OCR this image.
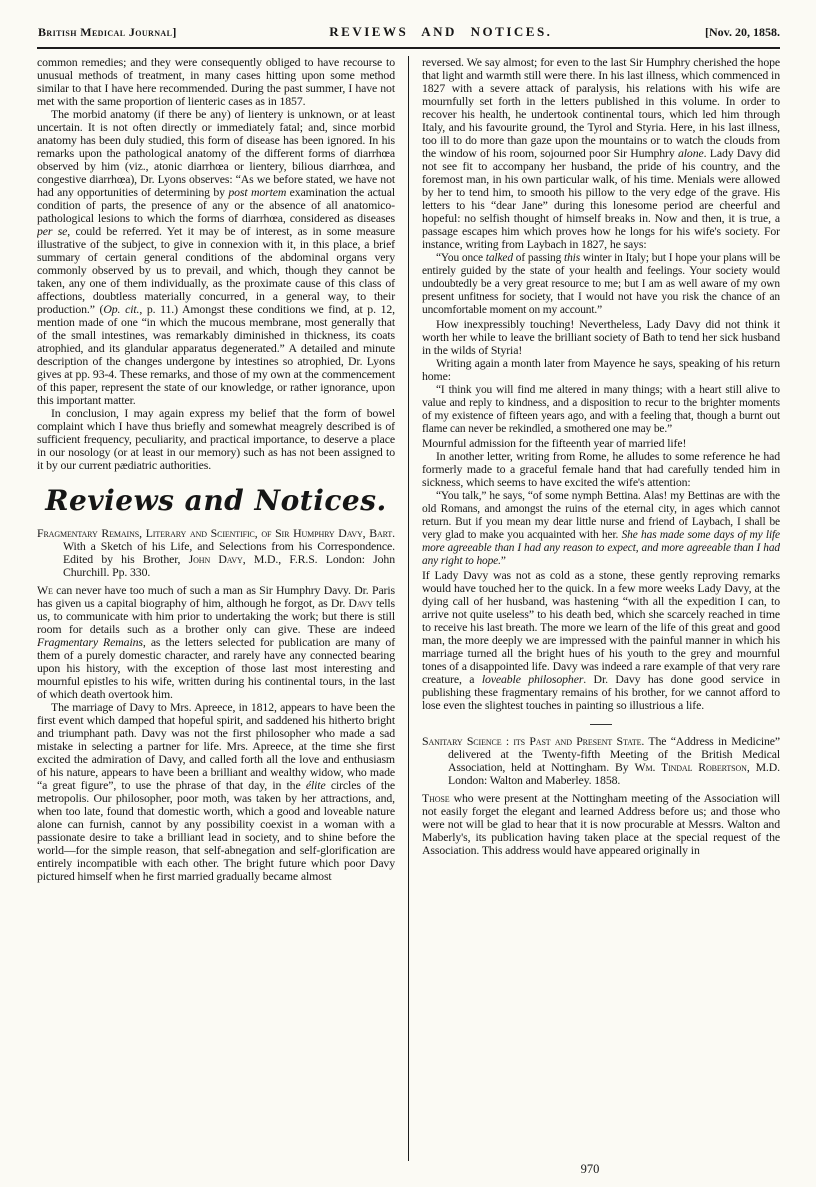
British Medical Journal]	REVIEWS AND NOTICES.	[Nov. 20, 1858.

common remedies; and they were consequently obliged to have recourse to unusual methods of treatment, in many cases hitting upon some method similar to that I have here recommended. During the past summer, I have not met with the same proportion of lienteric cases as in 1857.

The morbid anatomy (if there be any) of lientery is unknown, or at least uncertain. It is not often directly or immediately fatal; and, since morbid anatomy has been duly studied, this form of disease has been ignored. In his remarks upon the pathological anatomy of the different forms of diarrhœa observed by him (viz., atonic diarrhœa or lientery, bilious diarrhœa, and congestive diarrhœa), Dr. Lyons observes: “As we before stated, we have not had any opportunities of determining by post mortem examination the actual condition of parts, the presence of any or the absence of all anatomico-pathological lesions to which the forms of diarrhœa, considered as diseases per se, could be referred. Yet it may be of interest, as in some measure illustrative of the subject, to give in connexion with it, in this place, a brief summary of certain general conditions of the abdominal organs very commonly observed by us to prevail, and which, though they cannot be taken, any one of them individually, as the proximate cause of this class of affections, doubtless materially concurred, in a general way, to their production.” (Op. cit., p. 11.) Amongst these conditions we find, at p. 12, mention made of one “in which the mucous membrane, most generally that of the small intestines, was remarkably diminished in thickness, its coats atrophied, and its glandular apparatus degenerated.” A detailed and minute description of the changes undergone by intestines so atrophied, Dr. Lyons gives at pp. 93-4. These remarks, and those of my own at the commencement of this paper, represent the state of our knowledge, or rather ignorance, upon this important matter.

In conclusion, I may again express my belief that the form of bowel complaint which I have thus briefly and somewhat meagrely described is of sufficient frequency, peculiarity, and practical importance, to deserve a place in our nosology (or at least in our memory) such as has not been assigned to it by our current pædiatric authorities.

Reviews and Notices.

Fragmentary Remains, Literary and Scientific, of Sir Humphry Davy, Bart. With a Sketch of his Life, and Selections from his Correspondence. Edited by his Brother, John Davy, M.D., F.R.S. London: John Churchill. Pp. 330.

We can never have too much of such a man as Sir Humphry Davy. Dr. Paris has given us a capital biography of him, although he forgot, as Dr. Davy tells us, to communicate with him prior to undertaking the work; but there is still room for details such as a brother only can give. These are indeed Fragmentary Remains, as the letters selected for publication are many of them of a purely domestic character, and rarely have any connected bearing upon his history, with the exception of those last most interesting and mournful epistles to his wife, written during his continental tours, in the last of which death overtook him.

The marriage of Davy to Mrs. Apreece, in 1812, appears to have been the first event which damped that hopeful spirit, and saddened his hitherto bright and triumphant path. Davy was not the first philosopher who made a sad mistake in selecting a partner for life. Mrs. Apreece, at the time she first excited the admiration of Davy, and called forth all the love and enthusiasm of his nature, appears to have been a brilliant and wealthy widow, who made “a great figure”, to use the phrase of that day, in the élite circles of the metropolis. Our philosopher, poor moth, was taken by her attractions, and, when too late, found that domestic worth, which a good and loveable nature alone can furnish, cannot by any possibility coexist in a woman with a passionate desire to take a brilliant lead in society, and to shine before the world—for the simple reason, that self-abnegation and self-glorification are entirely incompatible with each other. The bright future which poor Davy pictured himself when he first married gradually became almost

reversed. We say almost; for even to the last Sir Humphry cherished the hope that light and warmth still were there. In his last illness, which commenced in 1827 with a severe attack of paralysis, his relations with his wife are mournfully set forth in the letters published in this volume. In order to recover his health, he undertook continental tours, which led him through Italy, and his favourite ground, the Tyrol and Styria. Here, in his last illness, too ill to do more than gaze upon the mountains or to watch the clouds from the window of his room, sojourned poor Sir Humphry alone. Lady Davy did not see fit to accompany her husband, the pride of his country, and the foremost man, in his own particular walk, of his time. Menials were allowed by her to tend him, to smooth his pillow to the very edge of the grave. His letters to his “dear Jane” during this lonesome period are cheerful and hopeful: no selfish thought of himself breaks in. Now and then, it is true, a passage escapes him which proves how he longs for his wife's society. For instance, writing from Laybach in 1827, he says:

“You once talked of passing this winter in Italy; but I hope your plans will be entirely guided by the state of your health and feelings. Your society would undoubtedly be a very great resource to me; but I am as well aware of my own present unfitness for society, that I would not have you risk the chance of an uncomfortable moment on my account.”

How inexpressibly touching! Nevertheless, Lady Davy did not think it worth her while to leave the brilliant society of Bath to tend her sick husband in the wilds of Styria!

Writing again a month later from Mayence he says, speaking of his return home:

“I think you will find me altered in many things; with a heart still alive to value and reply to kindness, and a disposition to recur to the brighter moments of my existence of fifteen years ago, and with a feeling that, though a burnt out flame can never be rekindled, a smothered one may be.”

Mournful admission for the fifteenth year of married life!

In another letter, writing from Rome, he alludes to some reference he had formerly made to a graceful female hand that had carefully tended him in sickness, which seems to have excited the wife's attention:

“You talk,” he says, “of some nymph Bettina. Alas! my Bettinas are with the old Romans, and amongst the ruins of the eternal city, in ages which cannot return. But if you mean my dear little nurse and friend of Laybach, I shall be very glad to make you acquainted with her. She has made some days of my life more agreeable than I had any reason to expect, and more agreeable than I had any right to hope.”

If Lady Davy was not as cold as a stone, these gently reproving remarks would have touched her to the quick. In a few more weeks Lady Davy, at the dying call of her husband, was hastening “with all the expedition I can, to arrive not quite useless” to his death bed, which she scarcely reached in time to receive his last breath. The more we learn of the life of this great and good man, the more deeply we are impressed with the painful manner in which his marriage turned all the bright hues of his youth to the grey and mournful tones of a disappointed life. Davy was indeed a rare example of that very rare creature, a loveable philosopher. Dr. Davy has done good service in publishing these fragmentary remains of his brother, for we cannot afford to lose even the slightest touches in painting so illustrious a life.

Sanitary Science : its Past and Present State. The “Address in Medicine” delivered at the Twenty-fifth Meeting of the British Medical Association, held at Nottingham. By Wm. Tindal Robertson, M.D. London: Walton and Maberley. 1858.

Those who were present at the Nottingham meeting of the Association will not easily forget the elegant and learned Address before us; and those who were not will be glad to hear that it is now procurable at Messrs. Walton and Maberly's, its publication having taken place at the special request of the Association. This address would have appeared originally in

970
